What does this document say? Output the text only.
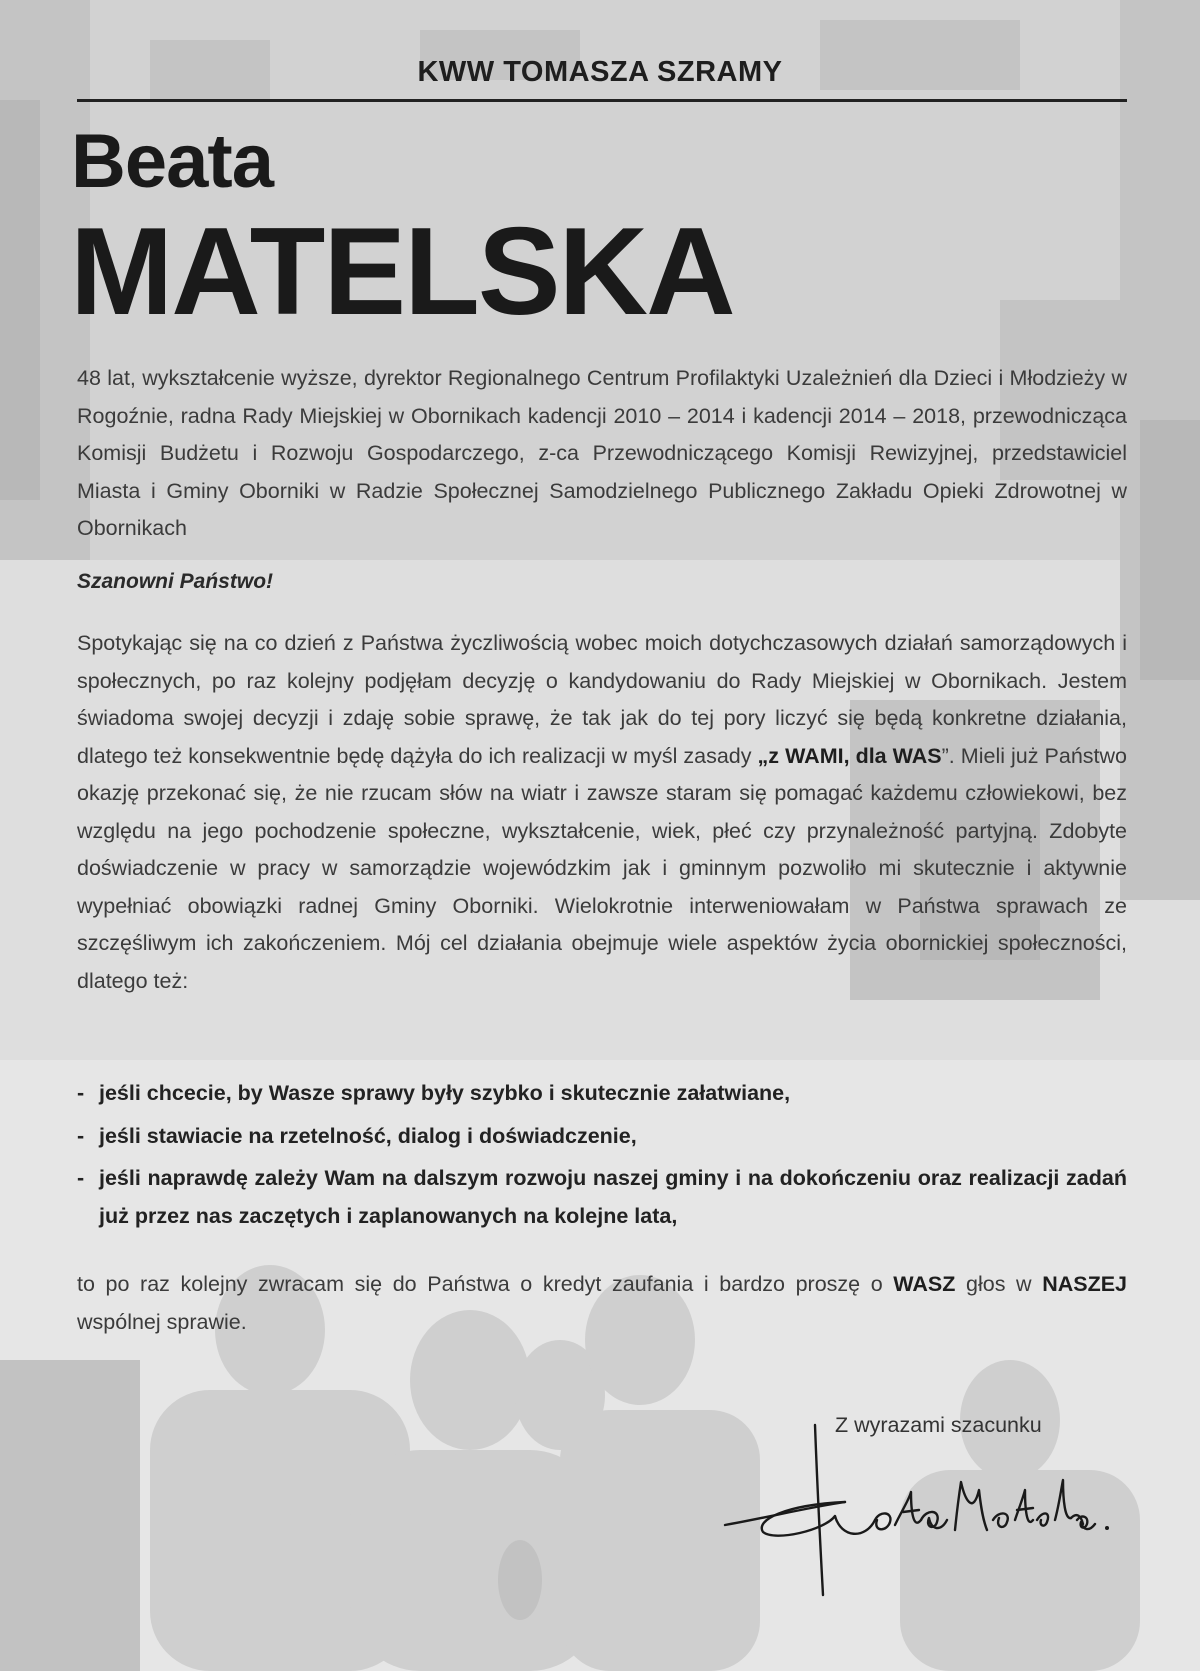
KWW TOMASZA SZRAMY
Beata
MATELSKA
48 lat, wykształcenie wyższe, dyrektor Regionalnego Centrum Profilaktyki Uzależnień dla Dzieci i Młodzieży w Rogoźnie, radna Rady Miejskiej w Obornikach kadencji 2010 – 2014 i kadencji 2014 – 2018, przewodnicząca Komisji Budżetu i Rozwoju Gospodarczego, z-ca Przewodniczącego Komisji Rewizyjnej, przedstawiciel Miasta i Gminy Oborniki w Radzie Społecznej Samodzielnego Publicznego Zakładu Opieki Zdrowotnej w Obornikach
Szanowni Państwo!
Spotykając się na co dzień z Państwa życzliwością wobec moich dotychczasowych działań samorządowych i społecznych, po raz kolejny podjęłam decyzję o kandydowaniu do Rady Miejskiej w Obornikach. Jestem świadoma swojej decyzji i zdaję sobie sprawę, że tak jak do tej pory liczyć się będą konkretne działania, dlatego też konsekwentnie będę dążyła do ich realizacji w myśl zasady „z WAMI, dla WAS”. Mieli już Państwo okazję przekonać się, że nie rzucam słów na wiatr i zawsze staram się pomagać każdemu człowiekowi, bez względu na jego pochodzenie społeczne, wykształcenie, wiek, płeć czy przynależność partyjną. Zdobyte doświadczenie w pracy w samorządzie wojewódzkim jak i gminnym pozwoliło mi skutecznie i aktywnie wypełniać obowiązki radnej Gminy Oborniki. Wielokrotnie interweniowałam w Państwa sprawach ze szczęśliwym ich zakończeniem. Mój cel działania obejmuje wiele aspektów życia obornickiej społeczności, dlatego też:
- jeśli chcecie, by Wasze sprawy były szybko i skutecznie załatwiane,
- jeśli stawiacie na rzetelność, dialog i doświadczenie,
- jeśli naprawdę zależy Wam na dalszym rozwoju naszej gminy i na dokończeniu oraz realizacji zadań już przez nas zaczętych i zaplanowanych na kolejne lata,
to po raz kolejny zwracam się do Państwa o kredyt zaufania i bardzo proszę o WASZ głos w NASZEJ wspólnej sprawie.
Z wyrazami szacunku
